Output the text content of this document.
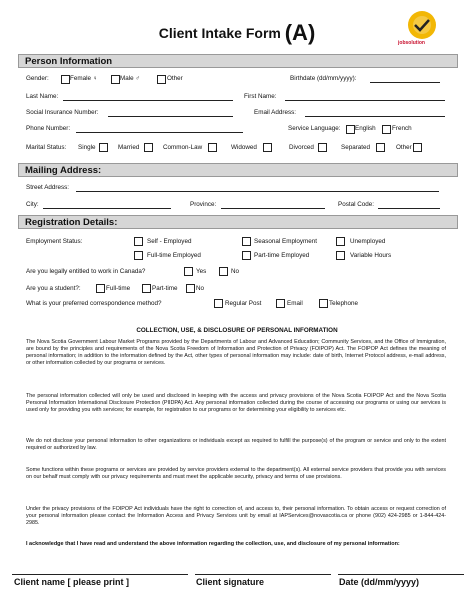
Client Intake Form (A)	jobsolution
Person Information
Gender:	Female ♀	Male ♂	Other	Birthdate (dd/mm/yyyy):
Last Name:	First Name:
Social Insurance Number:	Email Address:
Phone Number:	Service Language: English	French
Marital Status: Single	Married	Common-Law	Widowed	Divorced	Separated	Other
Mailing Address:
Street Address:
City:	Province:	Postal Code:
Registration Details:
Employment Status:	Self - Employed	Seasonal Employment	Unemployed
Full-time Employed	Part-time Employed	Variable Hours
Are you legally entitled to work in Canada?	Yes	No
Are you a student?:	Full-time	Part-time	No
What is your preferred correspondence method?	Regular Post	Email	Telephone
COLLECTION, USE, & DISCLOSURE OF PERSONAL INFORMATION
The Nova Scotia Government Labour Market Programs provided by the Departments of Labour and Advanced Education; Community Services, and the Office of Immigration, are bound by the principles and requirements of the Nova Scotia Freedom of Information and Protection of Privacy (FOIPOP) Act. The FOIPOP Act defines the meaning of personal information; in addition to the information defined by the Act, other types of personal information may include: date of birth, Internet Protocol address, e-mail address, or other information collected by our programs or services.
The personal information collected will only be used and disclosed in keeping with the access and privacy provisions of the Nova Scotia FOIPOP Act and the Nova Scotia Personal Information International Disclosure Protection (PIIDPA) Act. Any personal information collected during the course of accessing our programs or using our services is used only for providing you with services; for example, for registration to our programs or for determining your eligibility to services etc.
We do not disclose your personal information to other organizations or individuals except as required to fulfill the purpose(s) of the program or service and only to the extent required or authorized by law.
Some functions within these programs or services are provided by service providers external to the department(s). All external service providers that provide you with services on our behalf must comply with our privacy requirements and must meet the applicable security, privacy and terms of use provisions.
Under the privacy provisions of the FOIPOP Act individuals have the right to correction of, and access to, their personal information. To obtain access or request correction of your personal information please contact the Information Access and Privacy Services unit by email at IAPServices@novascotia.ca or phone (902) 424-2985 or 1-844-424-2985.
I acknowledge that I have read and understand the above information regarding the collection, use, and disclosure of my personal information:
Client name [ please print ]	Client signature	Date (dd/mm/yyyy)
